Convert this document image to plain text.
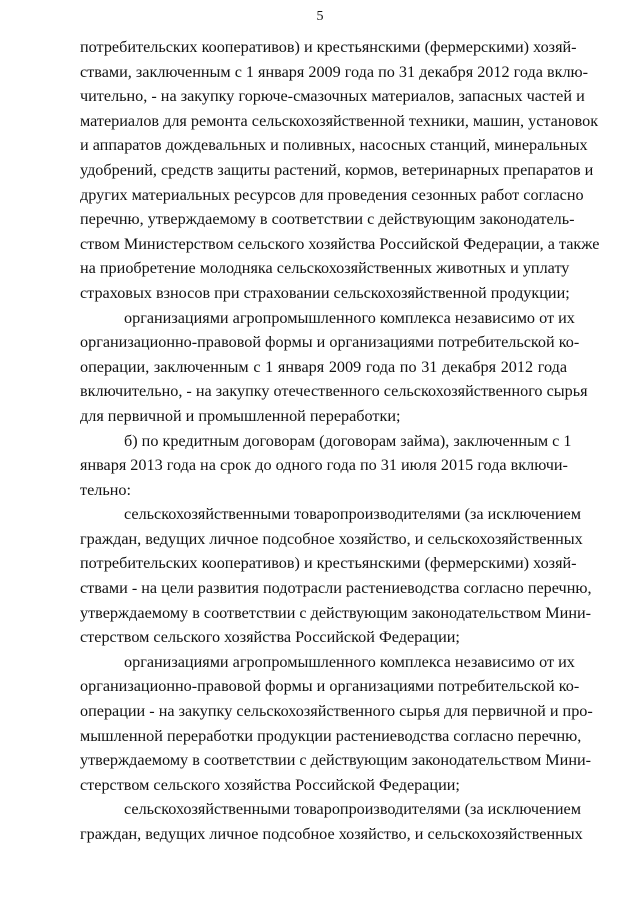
5

потребительских кооперативов) и крестьянскими (фермерскими) хозяй-
ствами, заключенным с 1 января 2009 года по 31 декабря 2012 года вклю-
чительно, - на закупку горюче-смазочных материалов, запасных частей и
материалов для ремонта сельскохозяйственной техники, машин, установок
и аппаратов дождевальных и поливных, насосных станций, минеральных
удобрений, средств защиты растений, кормов, ветеринарных препаратов и
других материальных ресурсов для проведения сезонных работ согласно
перечню, утверждаемому в соответствии с действующим законодатель-
ством Министерством сельского хозяйства Российской Федерации, а также
на приобретение молодняка сельскохозяйственных животных и уплату
страховых взносов при страховании сельскохозяйственной продукции;

организациями агропромышленного комплекса независимо от их
организационно-правовой формы и организациями потребительской ко-
операции, заключенным с 1 января 2009 года по 31 декабря 2012 года
включительно, - на закупку отечественного сельскохозяйственного сырья
для первичной и промышленной переработки;

б) по кредитным договорам (договорам займа), заключенным с 1
января 2013 года на срок до одного года по 31 июля 2015 года включи-
тельно:

сельскохозяйственными товаропроизводителями (за исключением
граждан, ведущих личное подсобное хозяйство, и сельскохозяйственных
потребительских кооперативов) и крестьянскими (фермерскими) хозяй-
ствами - на цели развития подотрасли растениеводства согласно перечню,
утверждаемому в соответствии с действующим законодательством Мини-
стерством сельского хозяйства Российской Федерации;

организациями агропромышленного комплекса независимо от их
организационно-правовой формы и организациями потребительской ко-
операции - на закупку сельскохозяйственного сырья для первичной и про-
мышленной переработки продукции растениеводства согласно перечню,
утверждаемому в соответствии с действующим законодательством Мини-
стерством сельского хозяйства Российской Федерации;

сельскохозяйственными товаропроизводителями (за исключением
граждан, ведущих личное подсобное хозяйство, и сельскохозяйственных
